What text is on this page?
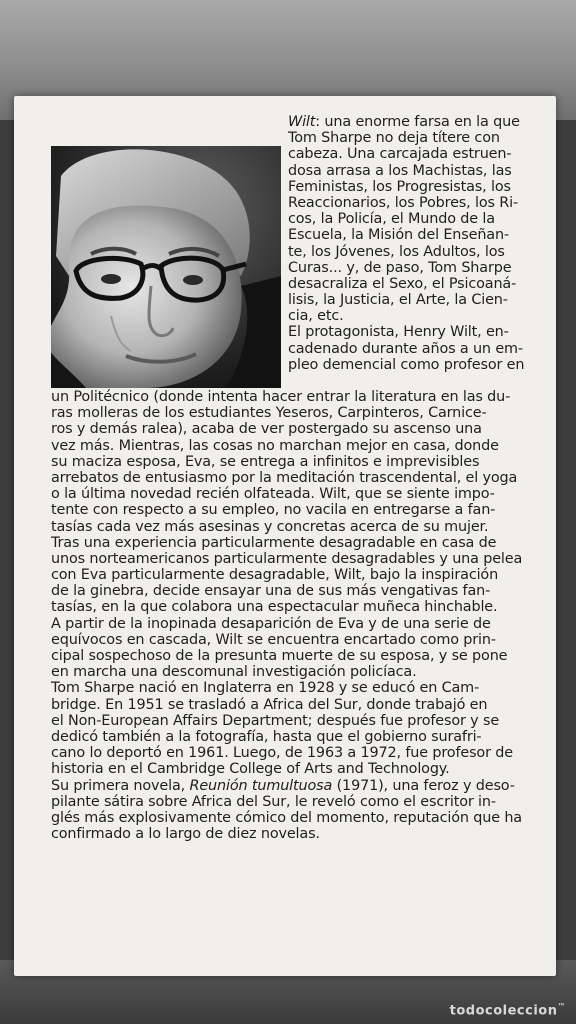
Wilt: una enorme farsa en la que
Tom Sharpe no deja títere con
cabeza. Una carcajada estruen-
dosa arrasa a los Machistas, las
Feministas, los Progresistas, los
Reaccionarios, los Pobres, los Ri-
cos, la Policía, el Mundo de la
Escuela, la Misión del Enseñan-
te, los Jóvenes, los Adultos, los
Curas... y, de paso, Tom Sharpe
desacraliza el Sexo, el Psicoaná-
lisis, la Justicia, el Arte, la Cien-
cia, etc.
El protagonista, Henry Wilt, en-
cadenado durante años a un em-
pleo demencial como profesor en
un Politécnico (donde intenta hacer entrar la literatura en las du-
ras molleras de los estudiantes Yeseros, Carpinteros, Carnice-
ros y demás ralea), acaba de ver postergado su ascenso una
vez más. Mientras, las cosas no marchan mejor en casa, donde
su maciza esposa, Eva, se entrega a infinitos e imprevisibles
arrebatos de entusiasmo por la meditación trascendental, el yoga
o la última novedad recién olfateada. Wilt, que se siente impo-
tente con respecto a su empleo, no vacila en entregarse a fan-
tasías cada vez más asesinas y concretas acerca de su mujer.
Tras una experiencia particularmente desagradable en casa de
unos norteamericanos particularmente desagradables y una pelea
con Eva particularmente desagradable, Wilt, bajo la inspiración
de la ginebra, decide ensayar una de sus más vengativas fan-
tasías, en la que colabora una espectacular muñeca hinchable.
A partir de la inopinada desaparición de Eva y de una serie de
equívocos en cascada, Wilt se encuentra encartado como prin-
cipal sospechoso de la presunta muerte de su esposa, y se pone
en marcha una descomunal investigación policíaca.
Tom Sharpe nació en Inglaterra en 1928 y se educó en Cam-
bridge. En 1951 se trasladó a Africa del Sur, donde trabajó en
el Non-European Affairs Department; después fue profesor y se
dedicó también a la fotografía, hasta que el gobierno surafri-
cano lo deportó en 1961. Luego, de 1963 a 1972, fue profesor de
historia en el Cambridge College of Arts and Technology.
Su primera novela, Reunión tumultuosa (1971), una feroz y deso-
pilante sátira sobre Africa del Sur, le reveló como el escritor in-
glés más explosivamente cómico del momento, reputación que ha
confirmado a lo largo de diez novelas.
todocoleccion™
